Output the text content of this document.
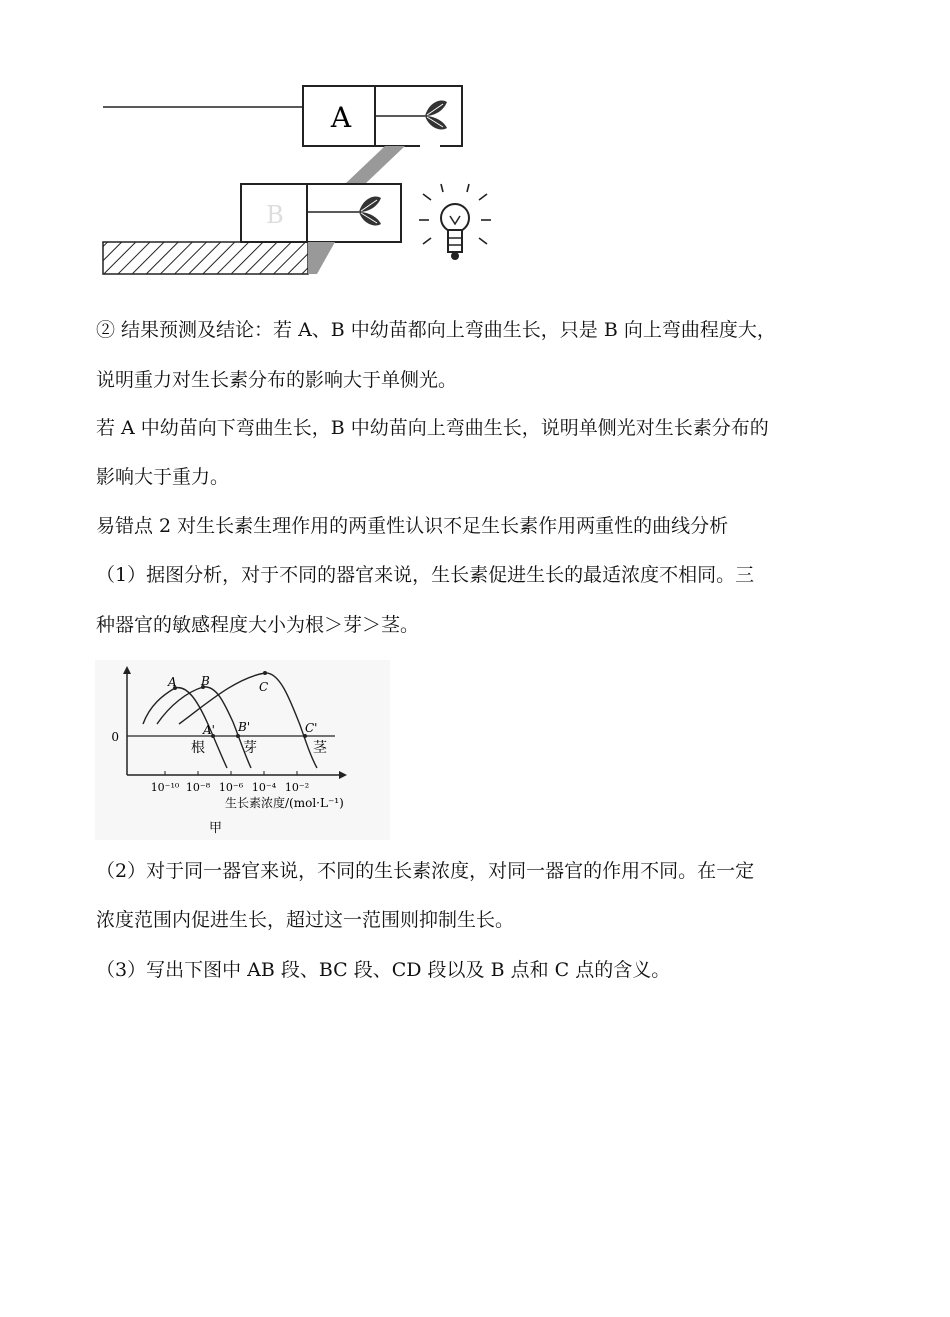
A
B
② 结果预测及结论：若 A、B 中幼苗都向上弯曲生长，只是 B 向上弯曲程度大，
说明重力对生长素分布的影响大于单侧光。
若 A 中幼苗向下弯曲生长，B 中幼苗向上弯曲生长，说明单侧光对生长素分布的
影响大于重力。
易错点 2 对生长素生理作用的两重性认识不足生长素作用两重性的曲线分析
（1）据图分析，对于不同的器官来说，生长素促进生长的最适浓度不相同。三
种器官的敏感程度大小为根＞芽＞茎。
0
10⁻¹⁰ 10⁻⁸ 10⁻⁶ 10⁻⁴ 10⁻²
A B	C
A' B'	C'
根	芽	茎
生长素浓度/(mol·L⁻¹)
甲
（2）对于同一器官来说，不同的生长素浓度，对同一器官的作用不同。在一定
浓度范围内促进生长，超过这一范围则抑制生长。
（3）写出下图中 AB 段、BC 段、CD 段以及 B 点和 C 点的含义。
